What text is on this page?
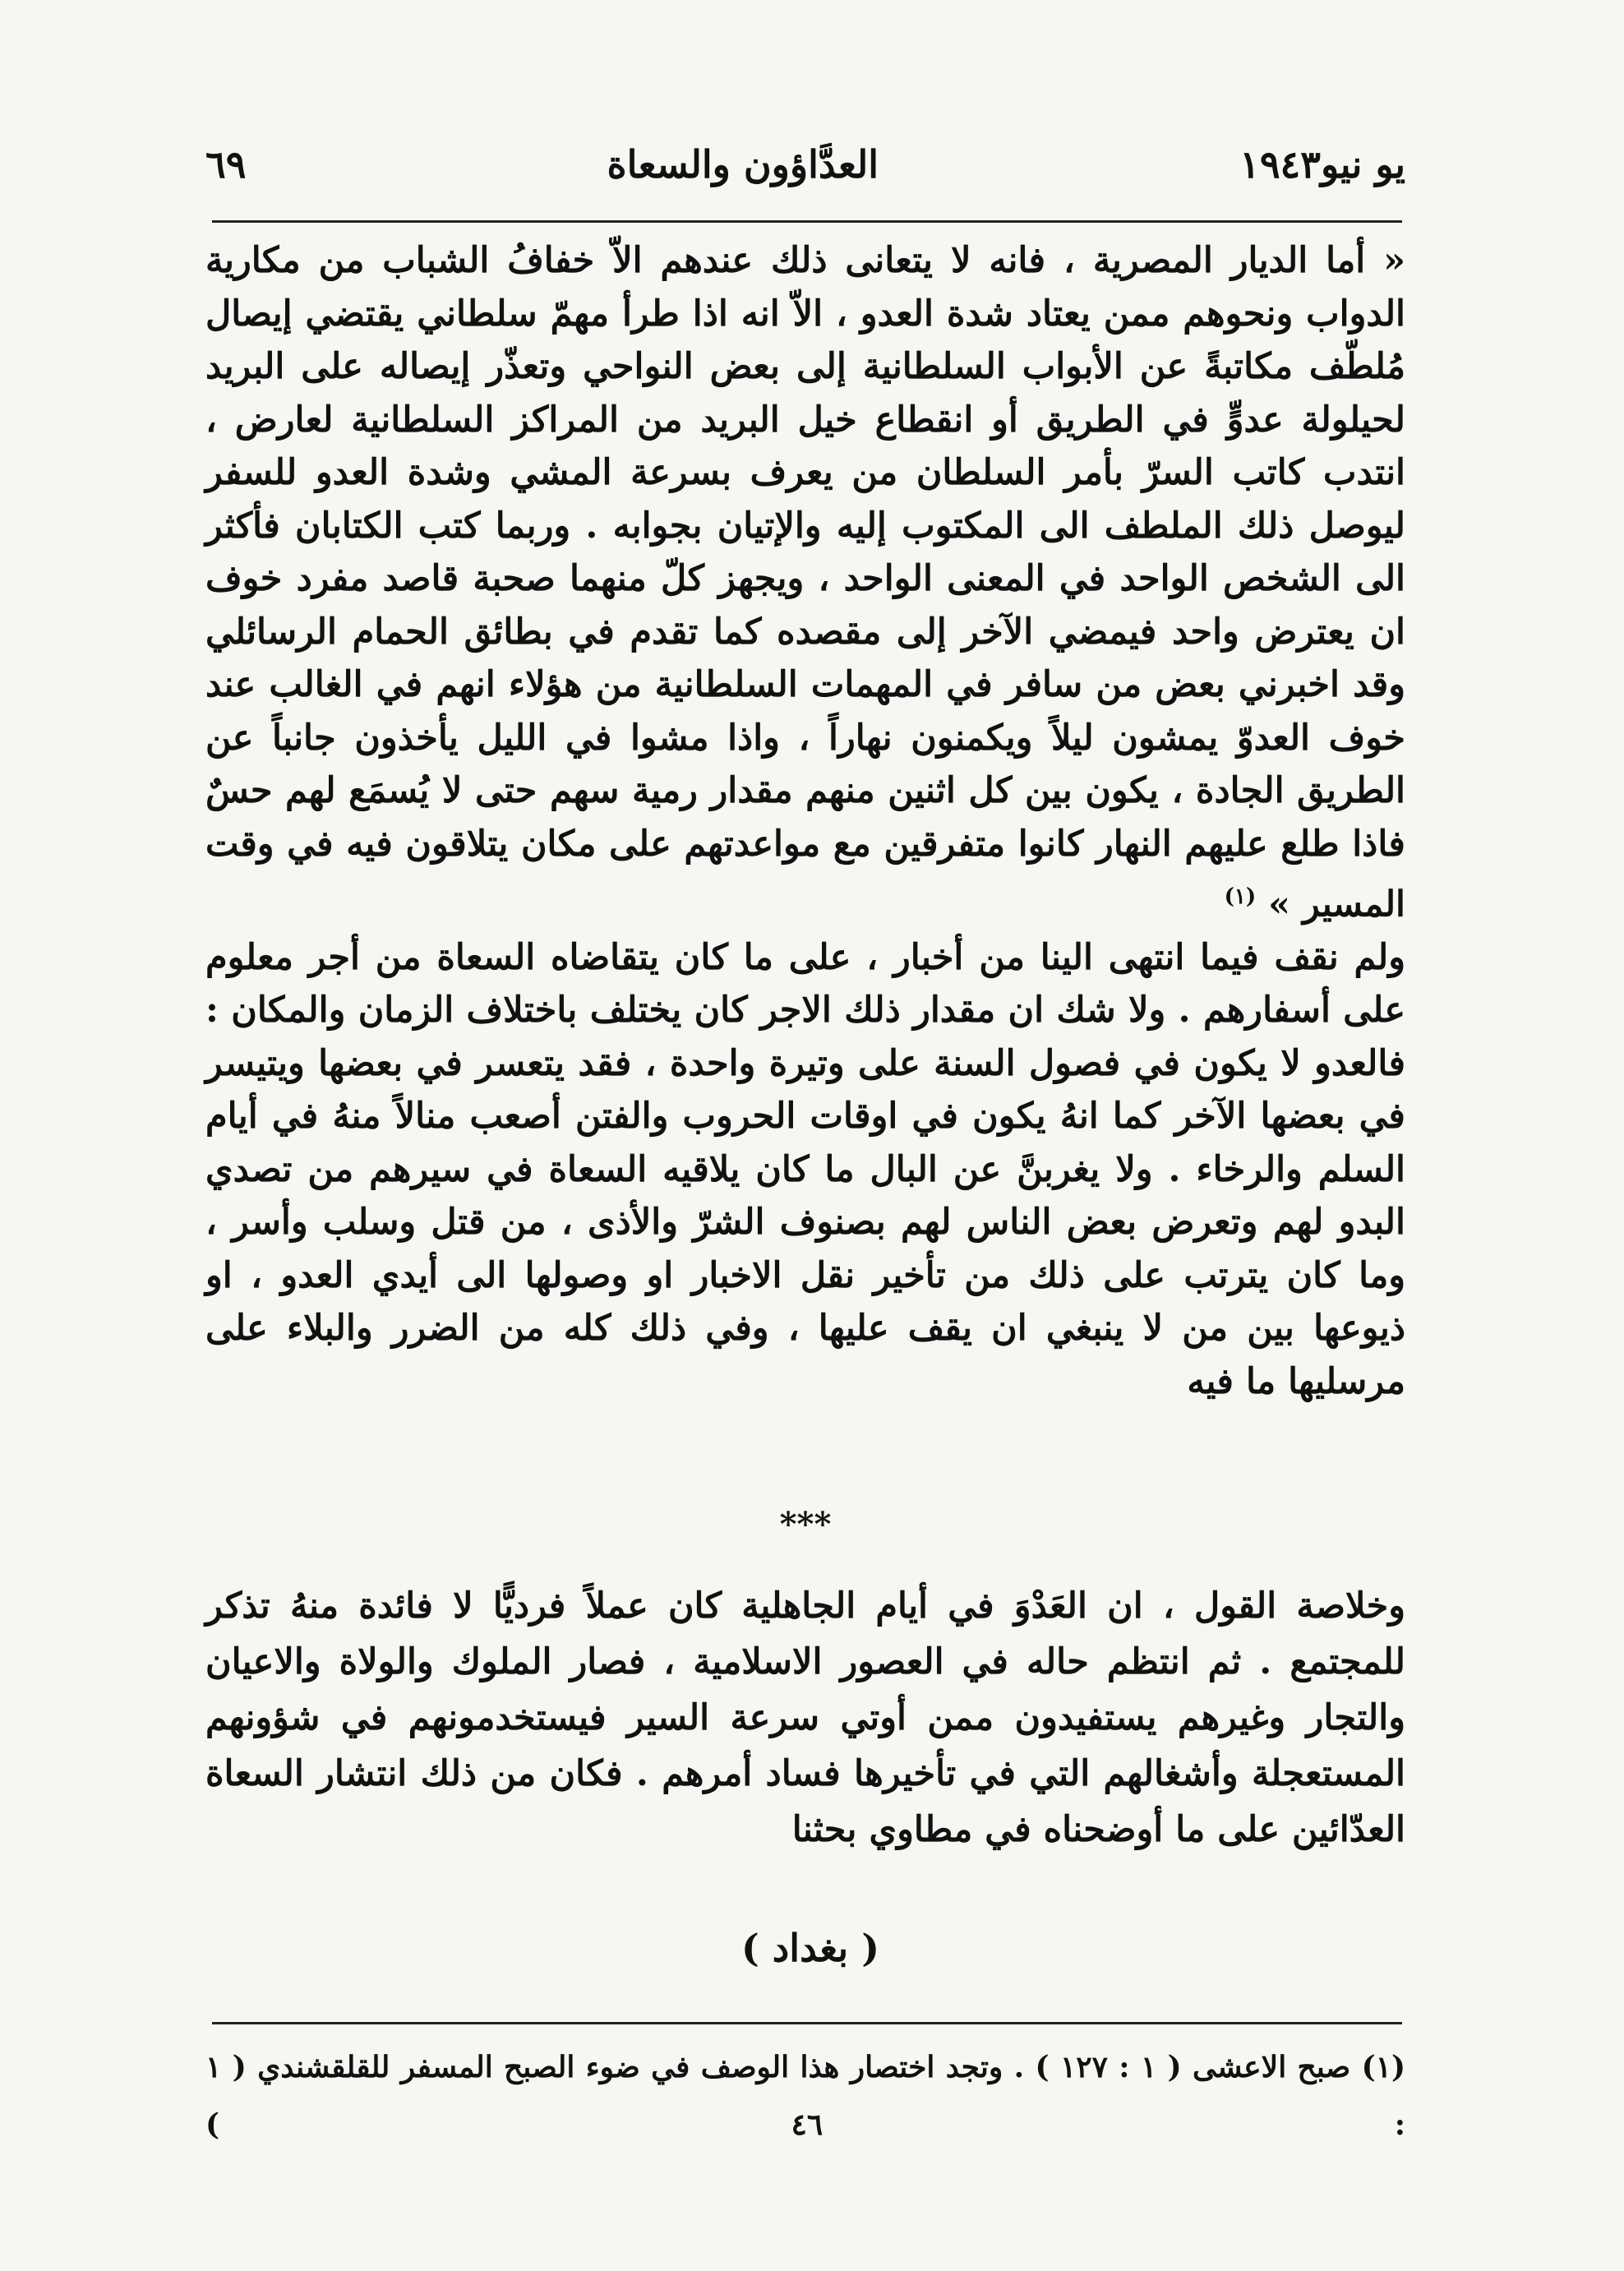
يو نيو١٩٤٣
العدَّاؤون والسعاة
٦٩

« أما الديار المصرية ، فانه لا يتعانى ذلك عندهم الاّ خفافُ الشباب من مكارية الدواب ونحوهم ممن يعتاد شدة العدو ، الاّ انه اذا طرأ مهمّ سلطاني يقتضي إيصال مُلطّف مكاتبةً عن الأبواب السلطانية إلى بعض النواحي وتعذّر إيصاله على البريد لحيلولة عدوٍّ في الطريق أو انقطاع خيل البريد من المراكز السلطانية لعارض ، انتدب كاتب السرّ بأمر السلطان من يعرف بسرعة المشي وشدة العدو للسفر ليوصل ذلك الملطف الى المكتوب إليه والإتيان بجوابه . وربما كتب الكتابان فأكثر الى الشخص الواحد في المعنى الواحد ، ويجهز كلّ منهما صحبة قاصد مفرد خوف ان يعترض واحد فيمضي الآخر إلى مقصده كما تقدم في بطائق الحمام الرسائلي وقد اخبرني بعض من سافر في المهمات السلطانية من هؤلاء انهم في الغالب عند خوف العدوّ يمشون ليلاً ويكمنون نهاراً ، واذا مشوا في الليل يأخذون جانباً عن الطريق الجادة ، يكون بين كل اثنين منهم مقدار رمية سهم حتى لا يُسمَع لهم حسٌ فاذا طلع عليهم النهار كانوا متفرقين مع مواعدتهم على مكان يتلاقون فيه في وقت المسير » $^{(١)}$

ولم نقف فيما انتهى الينا من أخبار ، على ما كان يتقاضاه السعاة من أجر معلوم على أسفارهم . ولا شك ان مقدار ذلك الاجر كان يختلف باختلاف الزمان والمكان : فالعدو لا يكون في فصول السنة على وتيرة واحدة ، فقد يتعسر في بعضها ويتيسر في بعضها الآخر كما انهُ يكون في اوقات الحروب والفتن أصعب منالاً منهُ في أيام السلم والرخاء . ولا يغربنَّ عن البال ما كان يلاقيه السعاة في سيرهم من تصدي البدو لهم وتعرض بعض الناس لهم بصنوف الشرّ والأذى ، من قتل وسلب وأسر ، وما كان يترتب على ذلك من تأخير نقل الاخبار او وصولها الى أيدي العدو ، او ذيوعها بين من لا ينبغي ان يقف عليها ، وفي ذلك كله من الضرر والبلاء على مرسليها ما فيه

***

وخلاصة القول ، ان العَدْوَ في أيام الجاهلية كان عملاً فرديًّا لا فائدة منهُ تذكر للمجتمع . ثم انتظم حاله في العصور الاسلامية ، فصار الملوك والولاة والاعيان والتجار وغيرهم يستفيدون ممن أوتي سرعة السير فيستخدمونهم في شؤونهم المستعجلة وأشغالهم التي في تأخيرها فساد أمرهم . فكان من ذلك انتشار السعاة العدّائين على ما أوضحناه في مطاوي بحثنا

( بغداد )
(١) صبح الاعشى ( ١ : ١٢٧ ) . وتجد اختصار هذا الوصف في ضوء الصبح المسفر للقلقشندي ( ١ : ٤٦ )
